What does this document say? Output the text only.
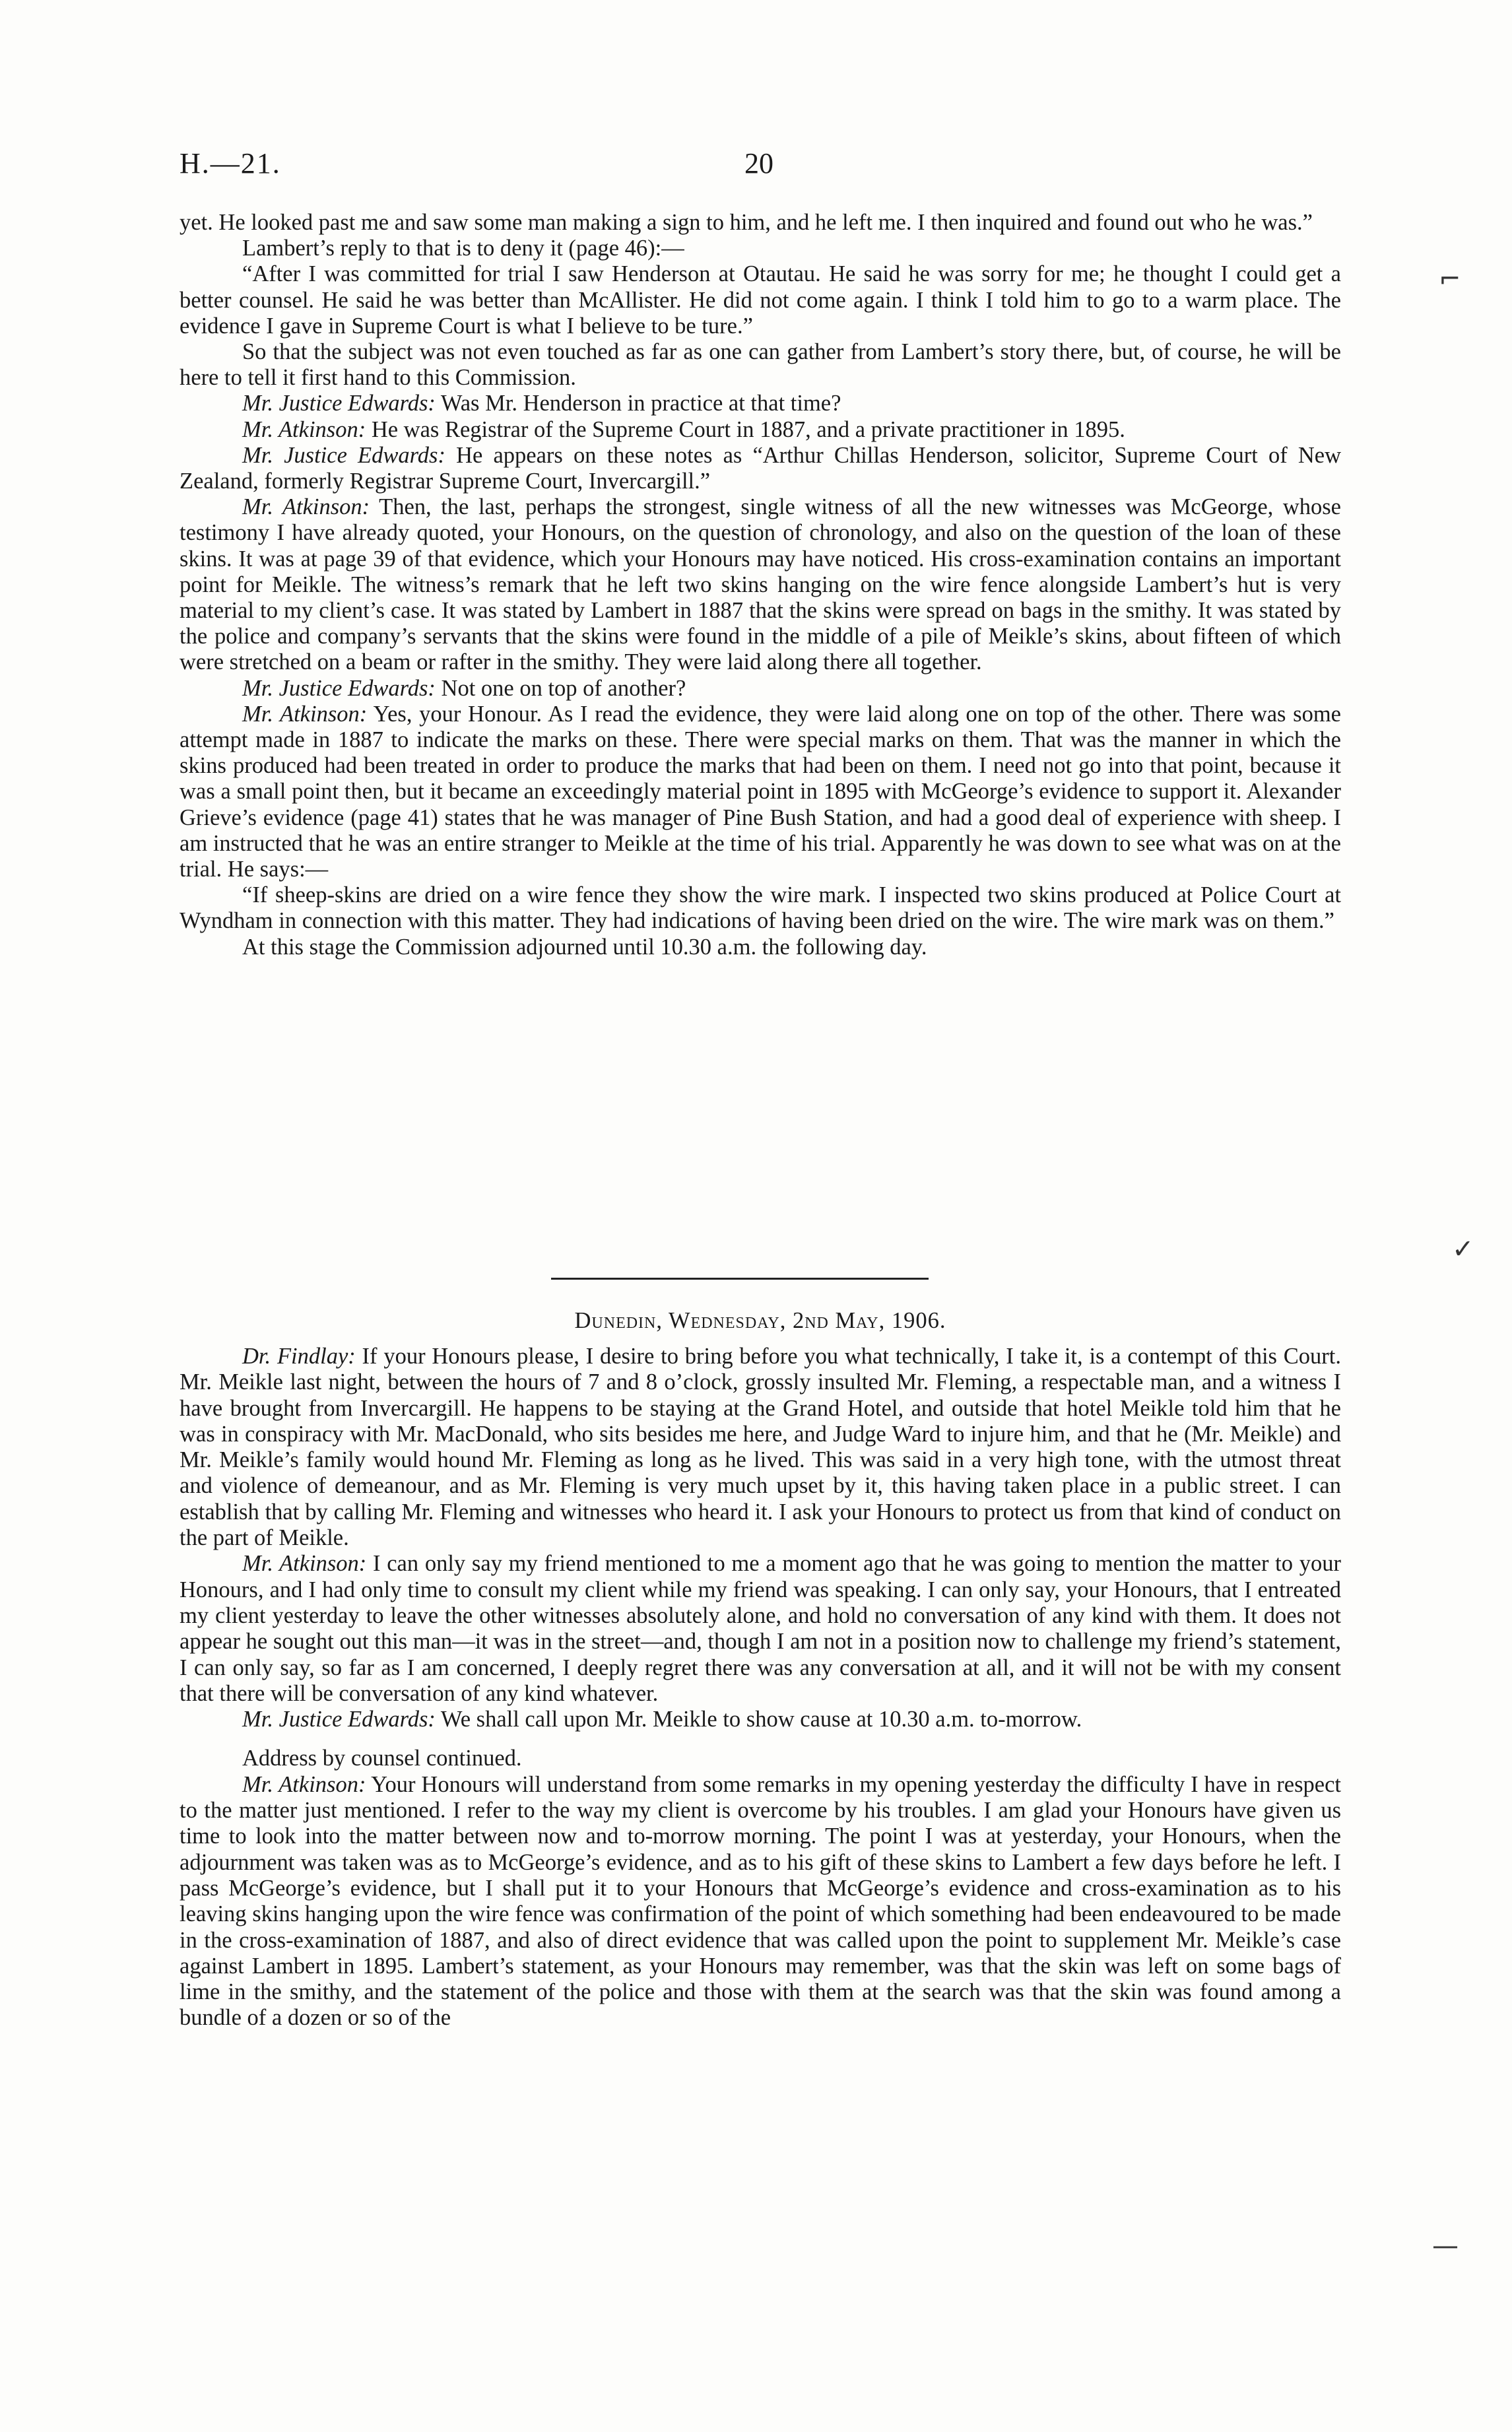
H.—21.	20

yet. He looked past me and saw some man making a sign to him, and he left me. I then inquired and found out who he was.”

Lambert’s reply to that is to deny it (page 46):—

“After I was committed for trial I saw Henderson at Otautau. He said he was sorry for me; he thought I could get a better counsel. He said he was better than McAllister. He did not come again. I think I told him to go to a warm place. The evidence I gave in Supreme Court is what I believe to be ture.”

So that the subject was not even touched as far as one can gather from Lambert’s story there, but, of course, he will be here to tell it first hand to this Commission.

Mr. Justice Edwards: Was Mr. Henderson in practice at that time?

Mr. Atkinson: He was Registrar of the Supreme Court in 1887, and a private practitioner in 1895.

Mr. Justice Edwards: He appears on these notes as “Arthur Chillas Henderson, solicitor, Supreme Court of New Zealand, formerly Registrar Supreme Court, Invercargill.”

Mr. Atkinson: Then, the last, perhaps the strongest, single witness of all the new witnesses was McGeorge, whose testimony I have already quoted, your Honours, on the question of chronology, and also on the question of the loan of these skins. It was at page 39 of that evidence, which your Honours may have noticed. His cross-examination contains an important point for Meikle. The witness’s remark that he left two skins hanging on the wire fence alongside Lambert’s hut is very material to my client’s case. It was stated by Lambert in 1887 that the skins were spread on bags in the smithy. It was stated by the police and company’s servants that the skins were found in the middle of a pile of Meikle’s skins, about fifteen of which were stretched on a beam or rafter in the smithy. They were laid along there all together.

Mr. Justice Edwards: Not one on top of another?

Mr. Atkinson: Yes, your Honour. As I read the evidence, they were laid along one on top of the other. There was some attempt made in 1887 to indicate the marks on these. There were special marks on them. That was the manner in which the skins produced had been treated in order to produce the marks that had been on them. I need not go into that point, because it was a small point then, but it became an exceedingly material point in 1895 with McGeorge’s evidence to support it. Alexander Grieve’s evidence (page 41) states that he was manager of Pine Bush Station, and had a good deal of experience with sheep. I am instructed that he was an entire stranger to Meikle at the time of his trial. Apparently he was down to see what was on at the trial. He says:—

“If sheep-skins are dried on a wire fence they show the wire mark. I inspected two skins produced at Police Court at Wyndham in connection with this matter. They had indications of having been dried on the wire. The wire mark was on them.”

At this stage the Commission adjourned until 10.30 a.m. the following day.

Dunedin, Wednesday, 2nd May, 1906.

Dr. Findlay: If your Honours please, I desire to bring before you what technically, I take it, is a contempt of this Court. Mr. Meikle last night, between the hours of 7 and 8 o’clock, grossly insulted Mr. Fleming, a respectable man, and a witness I have brought from Invercargill. He happens to be staying at the Grand Hotel, and outside that hotel Meikle told him that he was in conspiracy with Mr. MacDonald, who sits besides me here, and Judge Ward to injure him, and that he (Mr. Meikle) and Mr. Meikle’s family would hound Mr. Fleming as long as he lived. This was said in a very high tone, with the utmost threat and violence of demeanour, and as Mr. Fleming is very much upset by it, this having taken place in a public street. I can establish that by calling Mr. Fleming and witnesses who heard it. I ask your Honours to protect us from that kind of conduct on the part of Meikle.

Mr. Atkinson: I can only say my friend mentioned to me a moment ago that he was going to mention the matter to your Honours, and I had only time to consult my client while my friend was speaking. I can only say, your Honours, that I entreated my client yesterday to leave the other witnesses absolutely alone, and hold no conversation of any kind with them. It does not appear he sought out this man—it was in the street—and, though I am not in a position now to challenge my friend’s statement, I can only say, so far as I am concerned, I deeply regret there was any conversation at all, and it will not be with my consent that there will be conversation of any kind whatever.

Mr. Justice Edwards: We shall call upon Mr. Meikle to show cause at 10.30 a.m. to-morrow.

Address by counsel continued.

Mr. Atkinson: Your Honours will understand from some remarks in my opening yesterday the difficulty I have in respect to the matter just mentioned. I refer to the way my client is overcome by his troubles. I am glad your Honours have given us time to look into the matter between now and to-morrow morning. The point I was at yesterday, your Honours, when the adjournment was taken was as to McGeorge’s evidence, and as to his gift of these skins to Lambert a few days before he left. I pass McGeorge’s evidence, but I shall put it to your Honours that McGeorge’s evidence and cross-examination as to his leaving skins hanging upon the wire fence was confirmation of the point of which something had been endeavoured to be made in the cross-examination of 1887, and also of direct evidence that was called upon the point to supplement Mr. Meikle’s case against Lambert in 1895. Lambert’s statement, as your Honours may remember, was that the skin was left on some bags of lime in the smithy, and the statement of the police and those with them at the search was that the skin was found among a bundle of a dozen or so of the

⌐
✓
—
